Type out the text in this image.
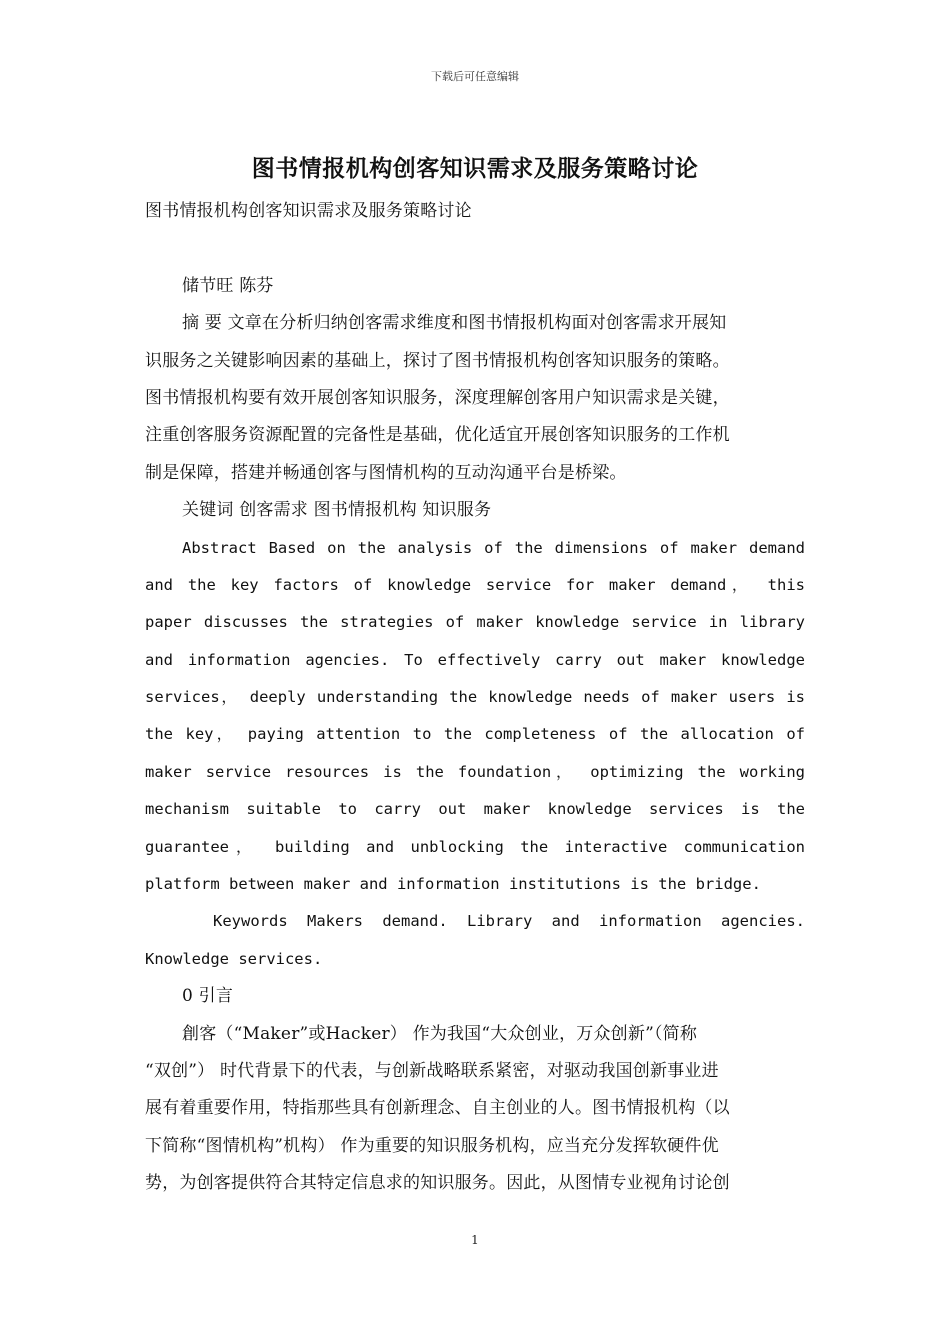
下载后可任意编辑
图书情报机构创客知识需求及服务策略讨论
图书情报机构创客知识需求及服务策略讨论
储节旺 陈芬
摘 要 文章在分析归纳创客需求维度和图书情报机构面对创客需求开展知
识服务之关键影响因素的基础上，探讨了图书情报机构创客知识服务的策略。
图书情报机构要有效开展创客知识服务，深度理解创客用户知识需求是关键，
注重创客服务资源配置的完备性是基础，优化适宜开展创客知识服务的工作机
制是保障，搭建并畅通创客与图情机构的互动沟通平台是桥梁。
关键词 创客需求 图书情报机构 知识服务
Abstract Based on the analysis of the dimensions of maker demand
and the key factors of knowledge service for maker demand， this
paper discusses the strategies of maker knowledge service in library
and information agencies. To effectively carry out maker knowledge
services， deeply understanding the knowledge needs of maker users is
the key， paying attention to the completeness of the allocation of
maker service resources is the foundation， optimizing the working
mechanism suitable to carry out maker knowledge services is the
guarantee， building and unblocking the interactive communication
platform between maker and information institutions is the bridge.
Keywords Makers demand. Library and information agencies.
Knowledge services.
0 引言
創客（“Maker”或Hacker） 作为我国“大众创业，万众创新”（简称
“双创”） 时代背景下的代表，与创新战略联系紧密，对驱动我国创新事业进
展有着重要作用，特指那些具有创新理念、自主创业的人。图书情报机构（以
下简称“图情机构”机构） 作为重要的知识服务机构，应当充分发挥软硬件优
势，为创客提供符合其特定信息求的知识服务。因此，从图情专业视角讨论创
1
